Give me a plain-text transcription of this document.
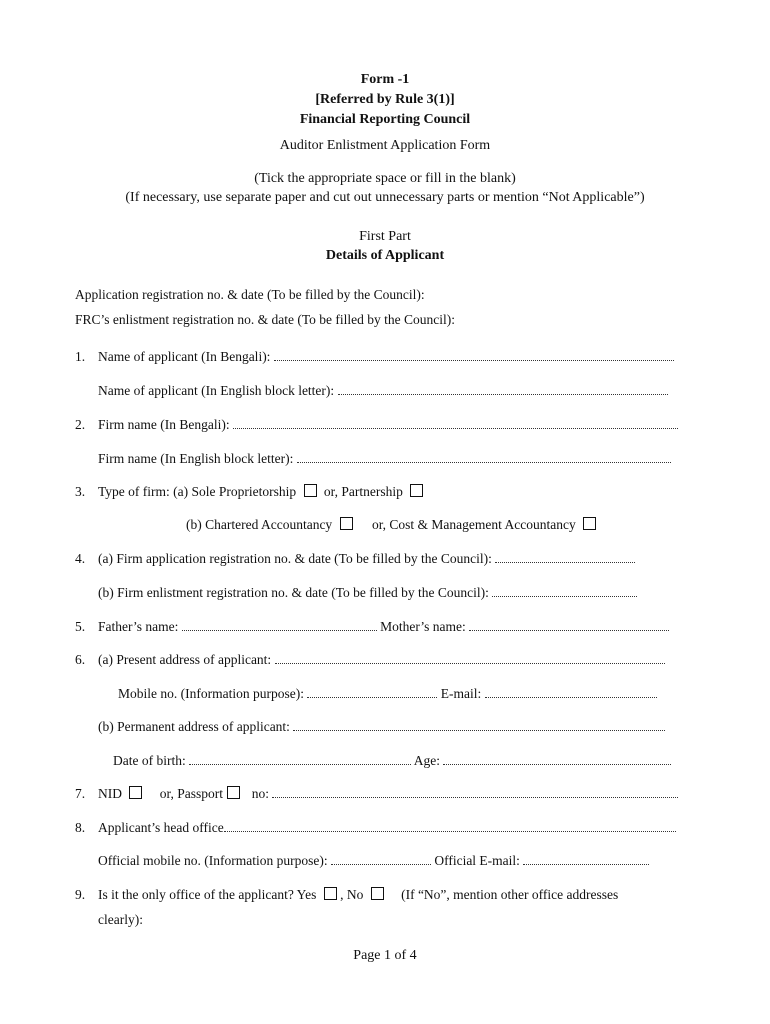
Form -1
[Referred by Rule 3(1)]
Financial Reporting Council
Auditor Enlistment Application Form
(Tick the appropriate space or fill in the blank)
(If necessary, use separate paper and cut out unnecessary parts or mention “Not Applicable”)
First Part
Details of Applicant
Application registration no. & date (To be filled by the Council):
FRC’s enlistment registration no. & date (To be filled by the Council):
1. Name of applicant (In Bengali):
Name of applicant (In English block letter):
2. Firm name (In Bengali):
Firm name (In English block letter):
3. Type of firm: (a) Sole Proprietorship or, Partnership
(b) Chartered Accountancy	or, Cost & Management Accountancy
4. (a) Firm application registration no. & date (To be filled by the Council):
(b) Firm enlistment registration no. & date (To be filled by the Council):
5. Father’s name:	Mother’s name:
6. (a) Present address of applicant:
Mobile no. (Information purpose):	E-mail:
(b) Permanent address of applicant:
Date of birth:	Age:
7. NID	or, Passport no:
8. Applicant’s head office
Official mobile no. (Information purpose):	Official E-mail:
9. Is it the only office of the applicant? Yes , No	(If “No”, mention other office addresses
clearly):
Page 1 of 4
